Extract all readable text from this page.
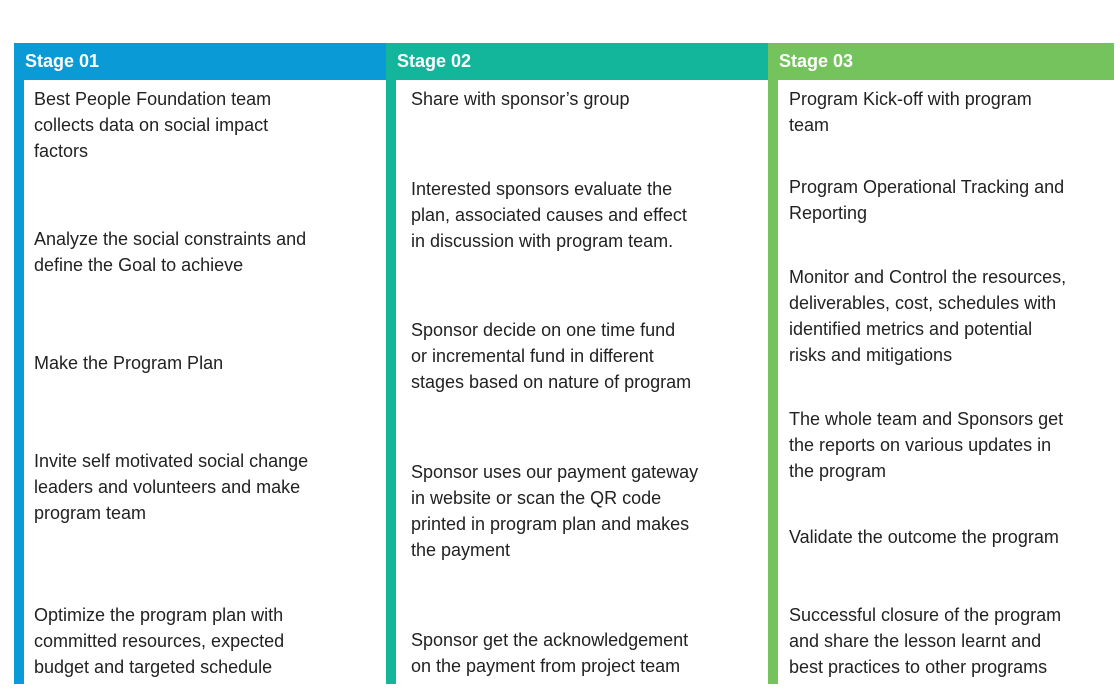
Stage 01

Best People Foundation team
collects data on social impact
factors

Analyze the social constraints and
define the Goal to achieve

Make the Program Plan

Invite self motivated social change
leaders and volunteers and make
program team

Optimize the program plan with
committed resources, expected
budget and targeted schedule

Stage 02

Share with sponsor’s group

Interested sponsors evaluate the
plan, associated causes and effect
in discussion with program team.

Sponsor decide on one time fund
or incremental fund in different
stages based on nature of program

Sponsor uses our payment gateway
in website or scan the QR code
printed in program plan and makes
the payment

Sponsor get the acknowledgement
on the payment from project team

Stage 03

Program Kick-off with program
team

Program Operational Tracking and
Reporting

Monitor and Control the resources,
deliverables, cost, schedules with
identified metrics and potential
risks and mitigations

The whole team and Sponsors get
the reports on various updates in
the program

Validate the outcome the program

Successful closure of the program
and share the lesson learnt and
best practices to other programs
